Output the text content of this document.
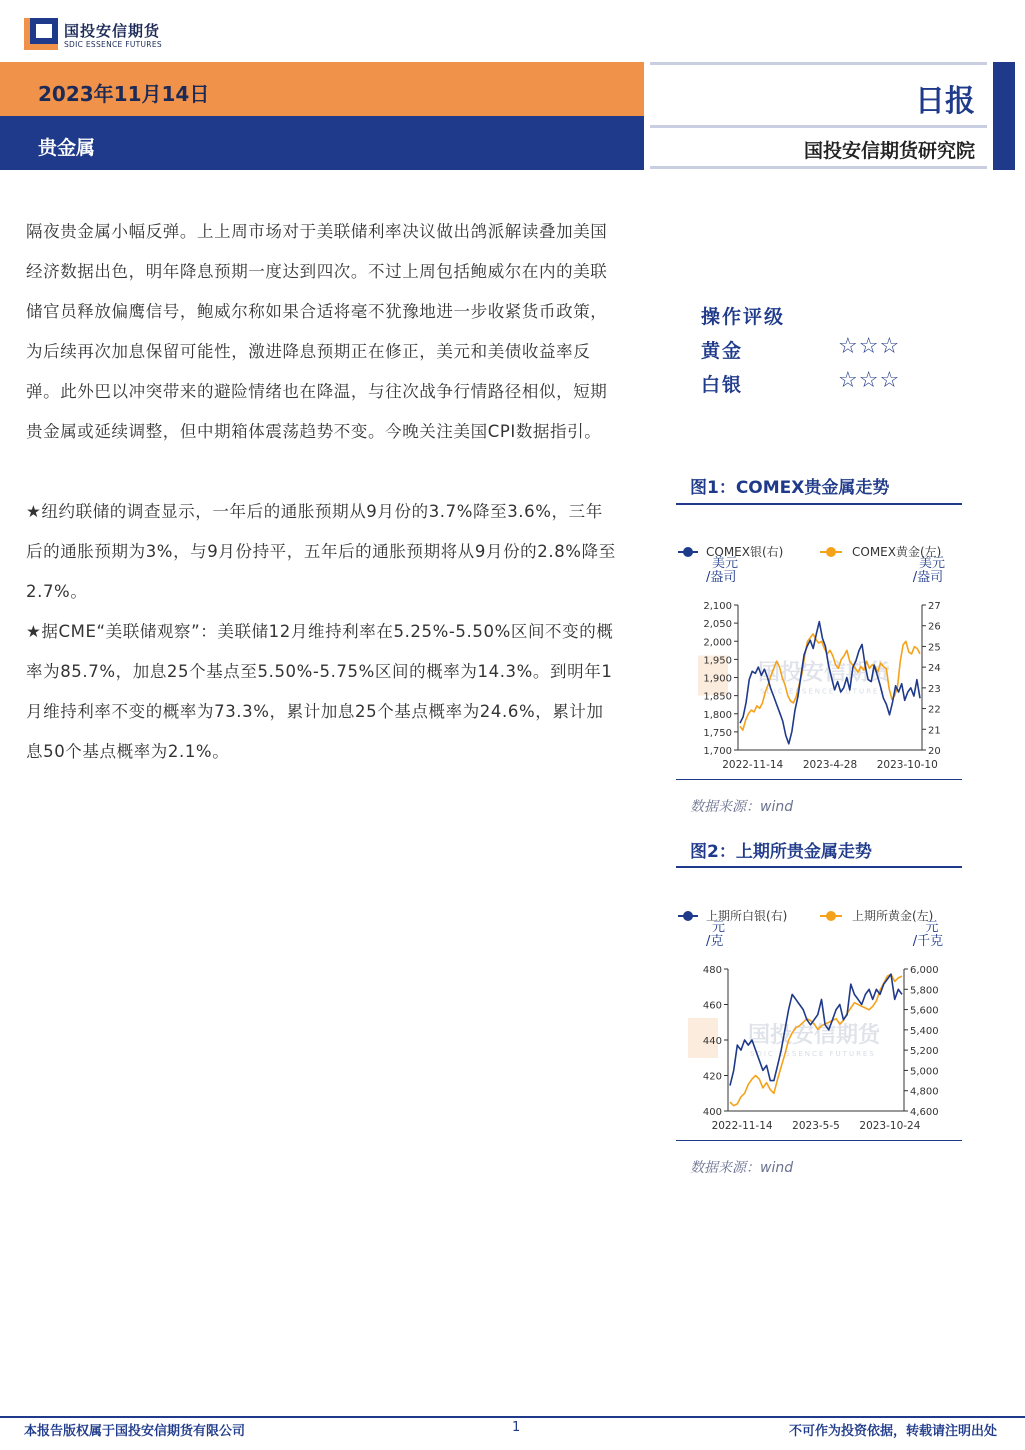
国投安信期货
SDIC ESSENCE FUTURES
2023年11月14日
贵金属
日报
国投安信期货研究院

隔夜贵金属小幅反弹。上上周市场对于美联储利率决议做出鸽派解读叠加美国经济数据出色，明年降息预期一度达到四次。不过上周包括鲍威尔在内的美联储官员释放偏鹰信号，鲍威尔称如果合适将毫不犹豫地进一步收紧货币政策，为后续再次加息保留可能性，激进降息预期正在修正，美元和美债收益率反弹。此外巴以冲突带来的避险情绪也在降温，与往次战争行情路径相似，短期贵金属或延续调整，但中期箱体震荡趋势不变。今晚关注美国CPI数据指引。

★纽约联储的调查显示，一年后的通胀预期从9月份的3.7%降至3.6%，三年后的通胀预期为3%，与9月份持平，五年后的通胀预期将从9月份的2.8%降至2.7%。

★据CME“美联储观察”：美联储12月维持利率在5.25%-5.50%区间不变的概率为85.7%，加息25个基点至5.50%-5.75%区间的概率为14.3%。到明年1月维持利率不变的概率为73.3%，累计加息25个基点概率为24.6%，累计加息50个基点概率为2.1%。

操作评级
黄金	☆☆☆
白银	☆☆☆
图1：COMEX贵金属走势
国投安信期货
SDIC ESSENCE FUTURES
COMEX银(右)	COMEX黄金(左)
美元
/盎司
美元
/盎司
1,700
1,750
1,800
1,850
1,900
1,950
2,000
2,050
2,100
20
21
22
23
24
25
26
27
2022-11-14 2023-4-28 2023-10-10
数据来源：wind
图2：上期所贵金属走势
国投安信期货
SDIC ESSENCE FUTURES
上期所白银(右)	上期所黄金(左)
元
/克
元
/千克
400
420
440
460
480
4,600
4,800
5,000
5,200
5,400
5,600
5,800
6,000
2022-11-14 2023-5-5 2023-10-24
数据来源：wind
本报告版权属于国投安信期货有限公司	1	不可作为投资依据，转载请注明出处
